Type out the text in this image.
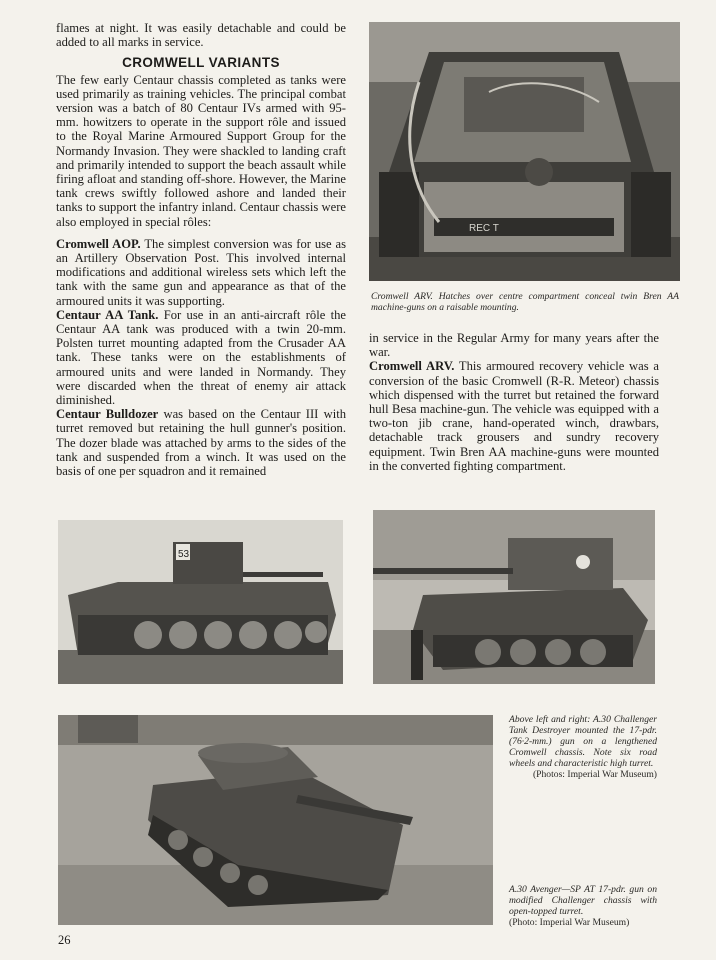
flames at night. It was easily detachable and could be added to all marks in service.

CROMWELL VARIANTS

The few early Centaur chassis completed as tanks were used primarily as training vehicles. The principal combat version was a batch of 80 Centaur IVs armed with 95-mm. howitzers to operate in the support rôle and issued to the Royal Marine Armoured Support Group for the Normandy Invasion. They were shackled to landing craft and primarily intended to support the beach assault while firing afloat and standing off-shore. However, the Marine tank crews swiftly followed ashore and landed their tanks to support the infantry inland. Centaur chassis were also employed in special rôles:

Cromwell AOP. The simplest conversion was for use as an Artillery Observation Post. This involved internal modifications and additional wireless sets which left the tank with the same gun and appearance as that of the armoured units it was supporting.

Centaur AA Tank. For use in an anti-aircraft rôle the Centaur AA tank was produced with a twin 20-mm. Polsten turret mounting adapted from the Crusader AA tank. These tanks were on the establishments of armoured units and were landed in Normandy. They were discarded when the threat of enemy air attack diminished.

Centaur Bulldozer was based on the Centaur III with turret removed but retaining the hull gunner's position. The dozer blade was attached by arms to the sides of the tank and suspended from a winch. It was used on the basis of one per squadron and it remained

REC T
Cromwell ARV. Hatches over centre compartment conceal twin Bren AA machine-guns on a raisable mounting.

in service in the Regular Army for many years after the war.

Cromwell ARV. This armoured recovery vehicle was a conversion of the basic Cromwell (R-R. Meteor) chassis which dispensed with the turret but retained the forward hull Besa machine-gun. The vehicle was equipped with a two-ton jib crane, hand-operated winch, drawbars, detachable track grousers and sundry recovery equipment. Twin Bren AA machine-guns were mounted in the converted fighting compartment.

53
Above left and right: A.30 Challenger Tank Destroyer mounted the 17-pdr. (76·2-mm.) gun on a lengthened Cromwell chassis. Note six road wheels and characteristic high turret.
(Photos: Imperial War Museum)
A.30 Avenger—SP AT 17-pdr. gun on modified Challenger chassis with open-topped turret.
(Photo: Imperial War Museum)
26
